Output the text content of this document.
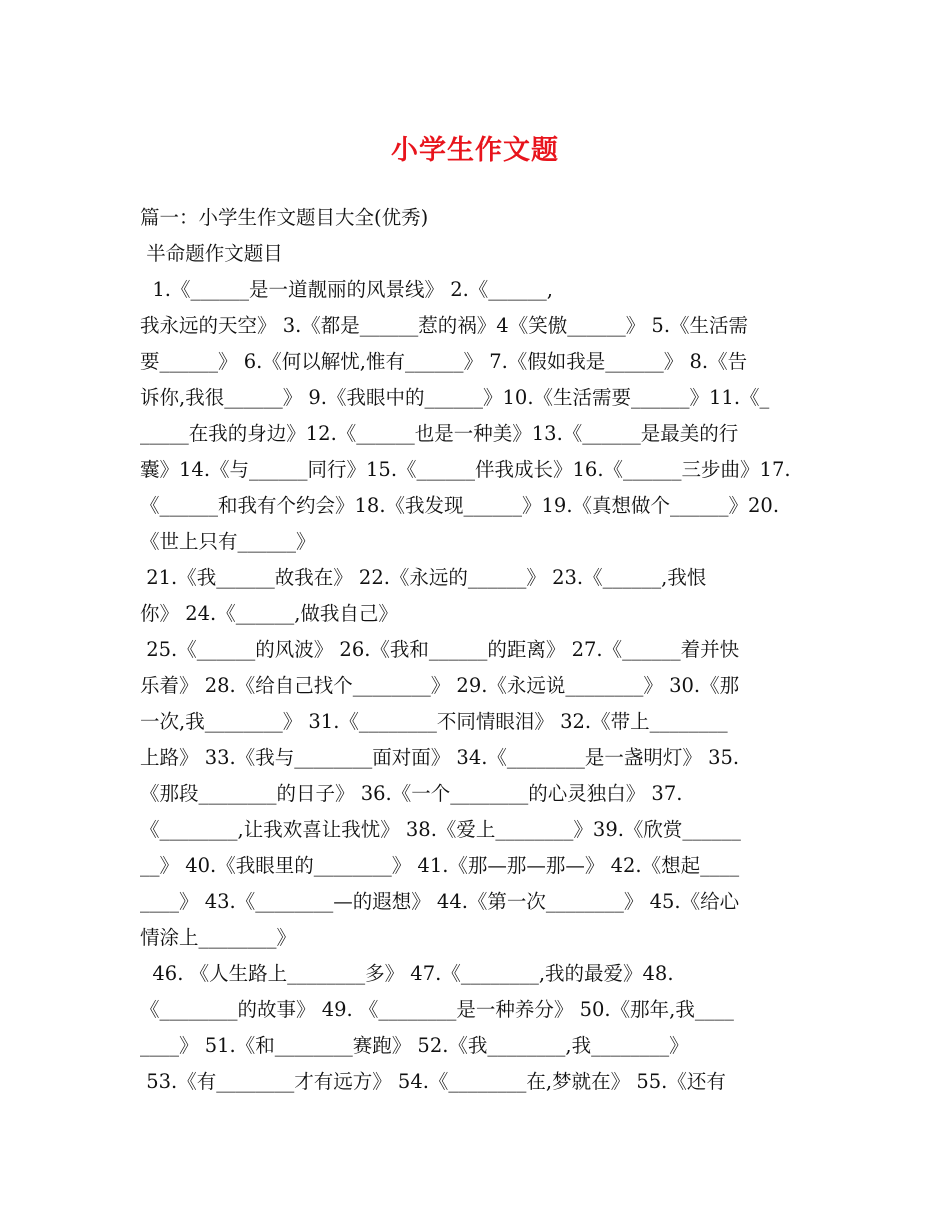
小学生作文题
篇一：小学生作文题目大全(优秀)
半命题作文题目
1.《______是一道靓丽的风景线》 2.《______,
我永远的天空》 3.《都是______惹的祸》4《笑傲______》 5.《生活需
要______》 6.《何以解忧,惟有______》 7.《假如我是______》 8.《告
诉你,我很______》 9.《我眼中的______》10.《生活需要______》11.《_
_____在我的身边》12.《______也是一种美》13.《______是最美的行
囊》14.《与______同行》15.《______伴我成长》16.《______三步曲》17.
《______和我有个约会》18.《我发现______》19.《真想做个______》20.
《世上只有______》
21.《我______故我在》 22.《永远的______》 23.《______,我恨
你》 24.《______,做我自己》
25.《______的风波》 26.《我和______的距离》 27.《______着并快
乐着》 28.《给自己找个________》 29.《永远说________》 30.《那
一次,我________》 31.《________不同情眼泪》 32.《带上________
上路》 33.《我与________面对面》 34.《________是一盏明灯》 35.
《那段________的日子》 36.《一个________的心灵独白》 37.
《________,让我欢喜让我忧》 38.《爱上________》39.《欣赏______
__》 40.《我眼里的________》 41.《那—那—那—》 42.《想起____
____》 43.《________—的遐想》 44.《第一次________》 45.《给心
情涂上________》
46. 《人生路上________多》 47.《________,我的最爱》48.
《________的故事》 49. 《________是一种养分》 50.《那年,我____
____》 51.《和________赛跑》 52.《我________,我________》
53.《有________才有远方》 54.《________在,梦就在》 55.《还有
